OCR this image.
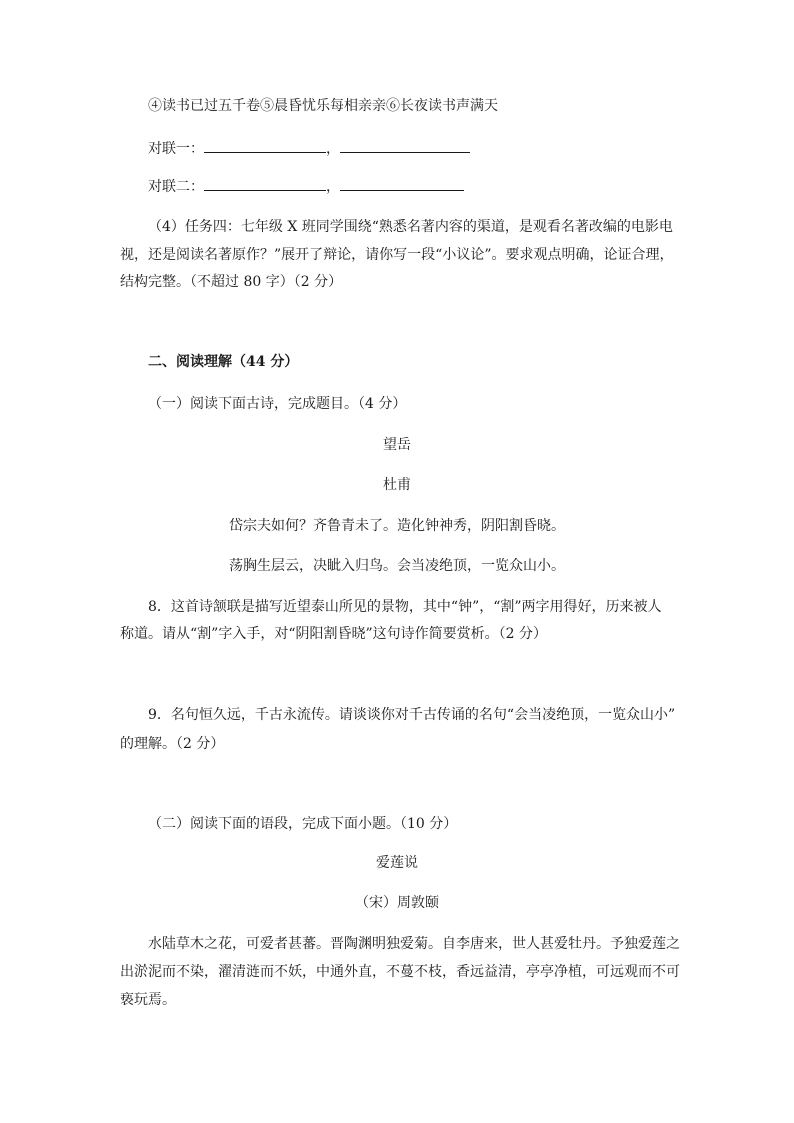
④读书已过五千卷⑤晨昏忧乐每相亲亲⑥长夜读书声满天
对联一：	，
对联二：	，
（4）任务四：七年级 X 班同学围绕“熟悉名著内容的渠道，是观看名著改编的电影电
视，还是阅读名著原作？”展开了辩论，请你写一段“小议论”。要求观点明确，论证合理，
结构完整。（不超过 80 字）（2 分）
二、阅读理解（44 分）
（一）阅读下面古诗，完成题目。（4 分）
望岳
杜甫
岱宗夫如何？齐鲁青未了。造化钟神秀，阴阳割昏晓。
荡胸生层云，决眦入归鸟。会当凌绝顶，一览众山小。
8．这首诗颔联是描写近望泰山所见的景物，其中“钟”，“割”两字用得好，历来被人
称道。请从“割”字入手，对“阴阳割昏晓”这句诗作简要赏析。（2 分）
9．名句恒久远，千古永流传。请谈谈你对千古传诵的名句“会当凌绝顶，一览众山小”
的理解。（2 分）
（二）阅读下面的语段，完成下面小题。（10 分）
爱莲说
（宋）周敦颐
水陆草木之花，可爱者甚蕃。晋陶渊明独爱菊。自李唐来，世人甚爱牡丹。予独爱莲之
出淤泥而不染，濯清涟而不妖，中通外直，不蔓不枝，香远益清，亭亭净植，可远观而不可
亵玩焉。
